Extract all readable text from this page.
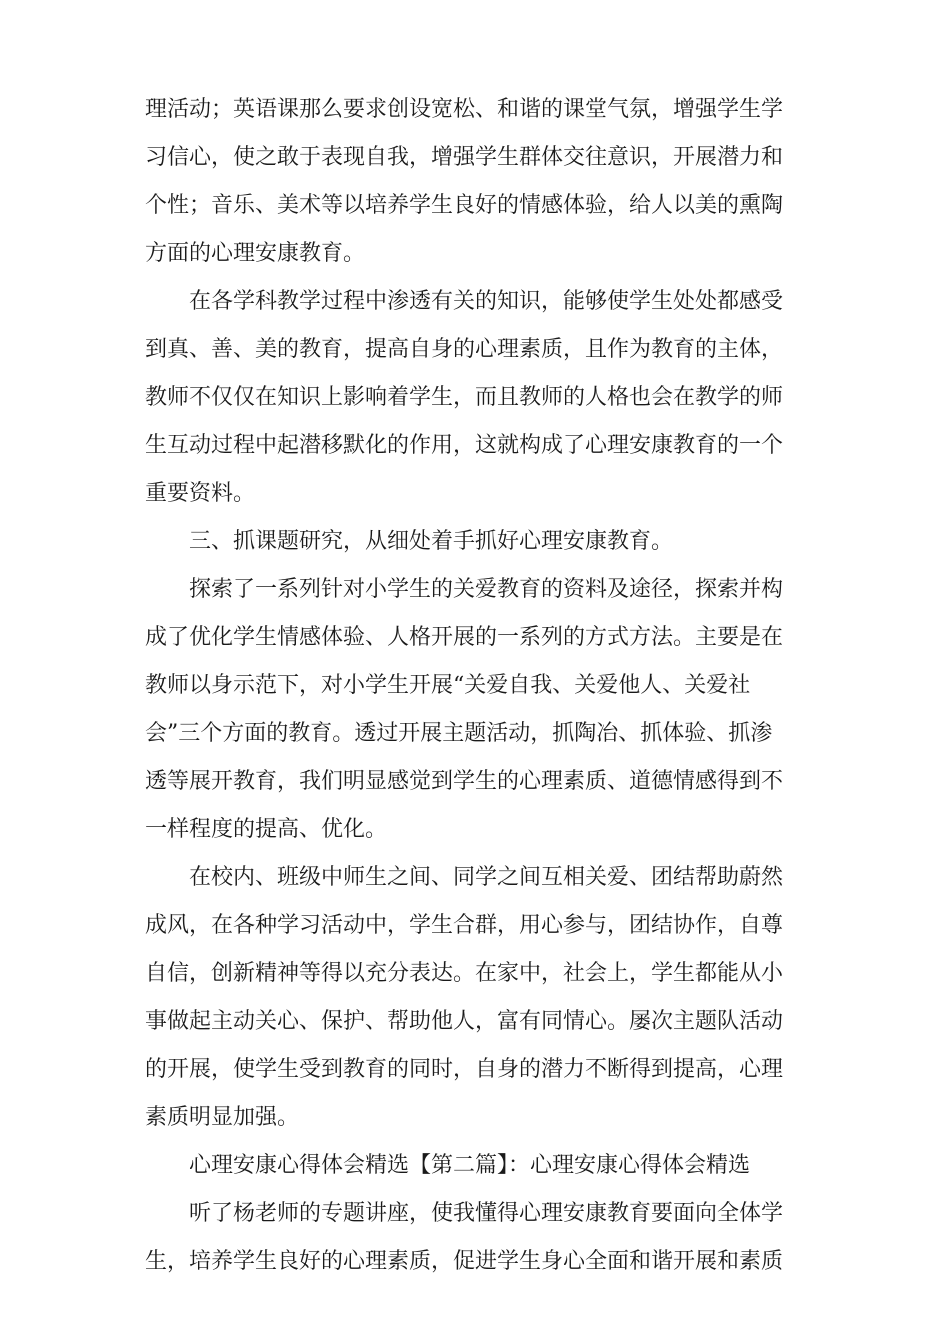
理活动；英语课那么要求创设宽松、和谐的课堂气氛，增强学生学
习信心，使之敢于表现自我，增强学生群体交往意识，开展潜力和
个性；音乐、美术等以培养学生良好的情感体验，给人以美的熏陶
方面的心理安康教育。
　　在各学科教学过程中渗透有关的知识，能够使学生处处都感受
到真、善、美的教育，提高自身的心理素质，且作为教育的主体，
教师不仅仅在知识上影响着学生，而且教师的人格也会在教学的师
生互动过程中起潜移默化的作用，这就构成了心理安康教育的一个
重要资料。
　　三、抓课题研究，从细处着手抓好心理安康教育。
　　探索了一系列针对小学生的关爱教育的资料及途径，探索并构
成了优化学生情感体验、人格开展的一系列的方式方法。主要是在
教师以身示范下，对小学生开展“关爱自我、关爱他人、关爱社
会”三个方面的教育。透过开展主题活动，抓陶冶、抓体验、抓渗
透等展开教育，我们明显感觉到学生的心理素质、道德情感得到不
一样程度的提高、优化。
　　在校内、班级中师生之间、同学之间互相关爱、团结帮助蔚然
成风，在各种学习活动中，学生合群，用心参与，团结协作，自尊
自信，创新精神等得以充分表达。在家中，社会上，学生都能从小
事做起主动关心、保护、帮助他人，富有同情心。屡次主题队活动
的开展，使学生受到教育的同时，自身的潜力不断得到提高，心理
素质明显加强。
　　心理安康心得体会精选【第二篇】：心理安康心得体会精选
　　听了杨老师的专题讲座，使我懂得心理安康教育要面向全体学
生，培养学生良好的心理素质，促进学生身心全面和谐开展和素质
